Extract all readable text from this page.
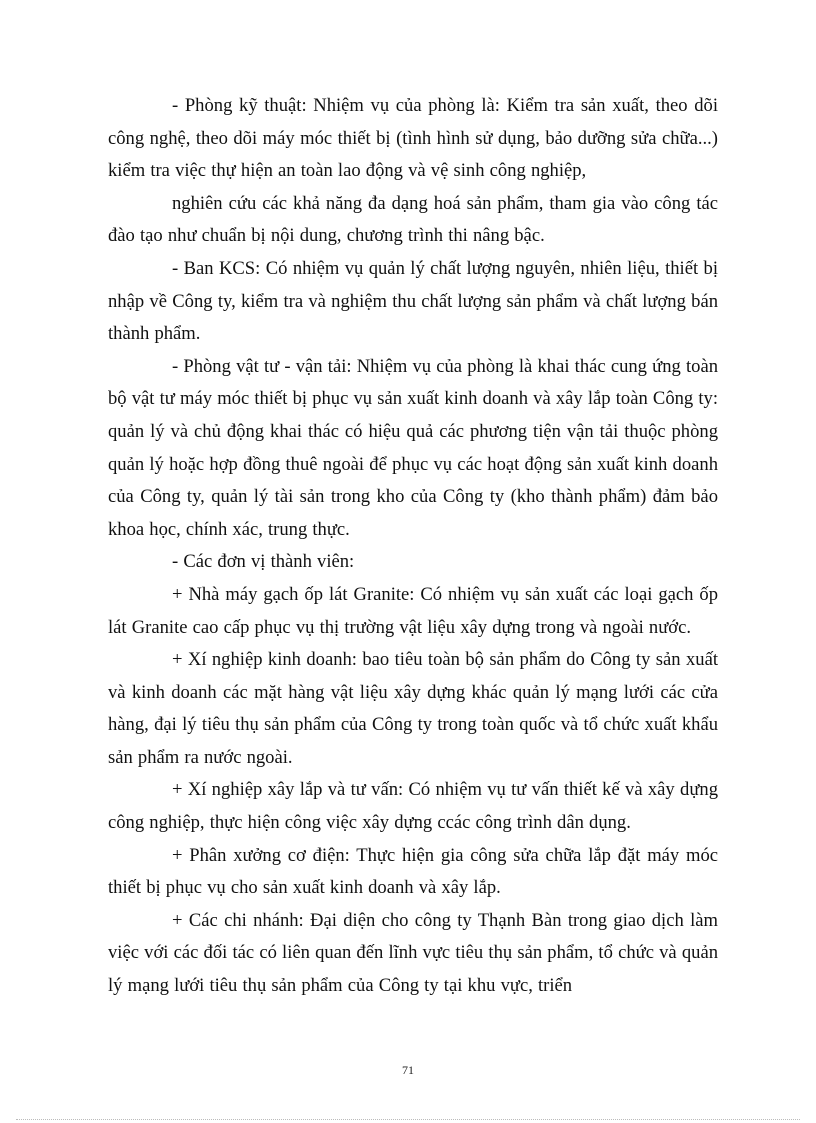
- Phòng kỹ thuật: Nhiệm vụ của phòng là: Kiểm tra sản xuất, theo dõi công nghệ, theo dõi máy móc thiết bị (tình hình sử dụng, bảo dưỡng sửa chữa...) kiểm tra việc thự hiện an toàn lao động và vệ sinh công nghiệp,

nghiên cứu các khả năng đa dạng hoá sản phẩm, tham gia vào công tác đào tạo như chuẩn bị nội dung, chương trình thi nâng bậc.

- Ban KCS: Có nhiệm vụ quản lý chất lượng nguyên, nhiên liệu, thiết bị nhập về Công ty, kiểm tra và nghiệm thu chất lượng sản phẩm và chất lượng bán thành phẩm.

- Phòng vật tư - vận tải: Nhiệm vụ của phòng là khai thác cung ứng toàn bộ vật tư máy móc thiết bị phục vụ sản xuất kinh doanh và xây lắp toàn Công ty: quản lý và chủ động khai thác có hiệu quả các phương tiện vận tải thuộc phòng quản lý hoặc hợp đồng thuê ngoài để phục vụ các hoạt động sản xuất kinh doanh của Công ty, quản lý tài sản trong kho của Công ty (kho thành phẩm) đảm bảo khoa học, chính xác, trung thực.

- Các đơn vị thành viên:

+ Nhà máy gạch ốp lát Granite: Có nhiệm vụ sản xuất các loại gạch ốp lát Granite cao cấp phục vụ thị trường vật liệu xây dựng trong và ngoài nước.

+ Xí nghiệp kinh doanh: bao tiêu toàn bộ sản phẩm do Công ty sản xuất và kinh doanh các mặt hàng vật liệu xây dựng khác quản lý mạng lưới các cửa hàng, đại lý tiêu thụ sản phẩm của Công ty trong toàn quốc và tổ chức xuất khẩu sản phẩm ra nước ngoài.

+ Xí nghiệp xây lắp và tư vấn: Có nhiệm vụ tư vấn thiết kế và xây dựng công nghiệp, thực hiện công việc xây dựng ccác công trình dân dụng.

+ Phân xưởng cơ điện: Thực hiện gia công sửa chữa lắp đặt máy móc thiết bị phục vụ cho sản xuất kinh doanh và xây lắp.

+ Các chi nhánh: Đại diện cho công ty Thạnh Bàn trong giao dịch làm việc với các đối tác có liên quan đến lĩnh vực tiêu thụ sản phẩm, tổ chức và quản lý mạng lưới tiêu thụ sản phẩm của Công ty tại khu vực, triển

71
